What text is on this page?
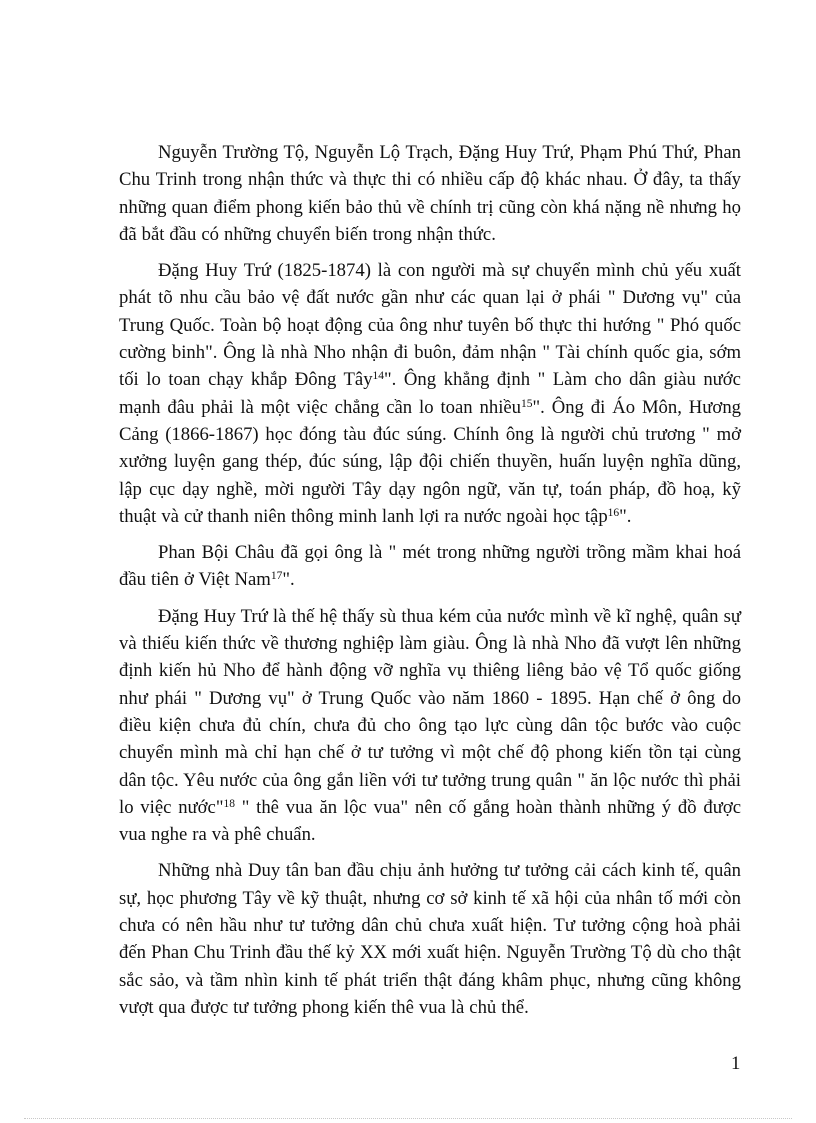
Nguyễn Trường Tộ, Nguyễn Lộ Trạch, Đặng Huy Trứ, Phạm Phú Thứ, Phan Chu Trinh trong nhận thức và thực thi có nhiều cấp độ khác nhau. Ở đây, ta thấy những quan điểm phong kiến bảo thủ về chính trị cũng còn khá nặng nề nhưng họ đã bắt đầu có những chuyển biến trong nhận thức.

Đặng Huy Trứ (1825-1874) là con người mà sự chuyển mình chủ yếu xuất phát tõ nhu cầu bảo vệ đất nước gần như các quan lại ở phái " Dương vụ" của Trung Quốc. Toàn bộ hoạt động của ông như tuyên bố thực thi hướng " Phó quốc cường binh". Ông là nhà Nho nhận đi buôn, đảm nhận " Tài chính quốc gia, sớm tối lo toan chạy khắp Đông Tây$^{14}$". Ông khẳng định " Làm cho dân giàu nước mạnh đâu phải là một việc chẳng cần lo toan nhiều$^{15}$". Ông đi Áo Môn, Hương Cảng (1866-1867) học đóng tàu đúc súng. Chính ông là người chủ trương " mở xưởng luyện gang thép, đúc súng, lập đội chiến thuyền, huấn luyện nghĩa dũng, lập cục dạy nghề, mời người Tây dạy ngôn ngữ, văn tự, toán pháp, đồ hoạ, kỹ thuật và cử thanh niên thông minh lanh lợi ra nước ngoài học tập$^{16}$".

Phan Bội Châu đã gọi ông là " mét trong những người trồng mầm khai hoá đầu tiên ở Việt Nam$^{17}$".

Đặng Huy Trứ là thế hệ thấy sù thua kém của nước mình về kĩ nghệ, quân sự và thiếu kiến thức về thương nghiệp làm giàu. Ông là nhà Nho đã vượt lên những định kiến hủ Nho để hành động vỡ nghĩa vụ thiêng liêng bảo vệ Tổ quốc giống như phái " Dương vụ" ở Trung Quốc vào năm 1860 - 1895. Hạn chế ở ông do điều kiện chưa đủ chín, chưa đủ cho ông tạo lực cùng dân tộc bước vào cuộc chuyển mình mà chỉ hạn chế ở tư tưởng vì một chế độ phong kiến tồn tại cùng dân tộc. Yêu nước của ông gắn liền với tư tưởng trung quân " ăn lộc nước thì phải lo việc nước"$^{18}$ " thê vua ăn lộc vua" nên cố gắng hoàn thành những ý đồ được vua nghe ra và phê chuẩn.

Những nhà Duy tân ban đầu chịu ảnh hưởng tư tưởng cải cách kinh tế, quân sự, học phương Tây về kỹ thuật, nhưng cơ sở kinh tế xã hội của nhân tố mới còn chưa có nên hầu như tư tưởng dân chủ chưa xuất hiện. Tư tưởng cộng hoà phải đến Phan Chu Trinh đầu thế kỷ XX mới xuất hiện. Nguyễn Trường Tộ dù cho thật sắc sảo, và tầm nhìn kinh tế phát triển thật đáng khâm phục, nhưng cũng không vượt qua được tư tưởng phong kiến thê vua là chủ thể.

1
